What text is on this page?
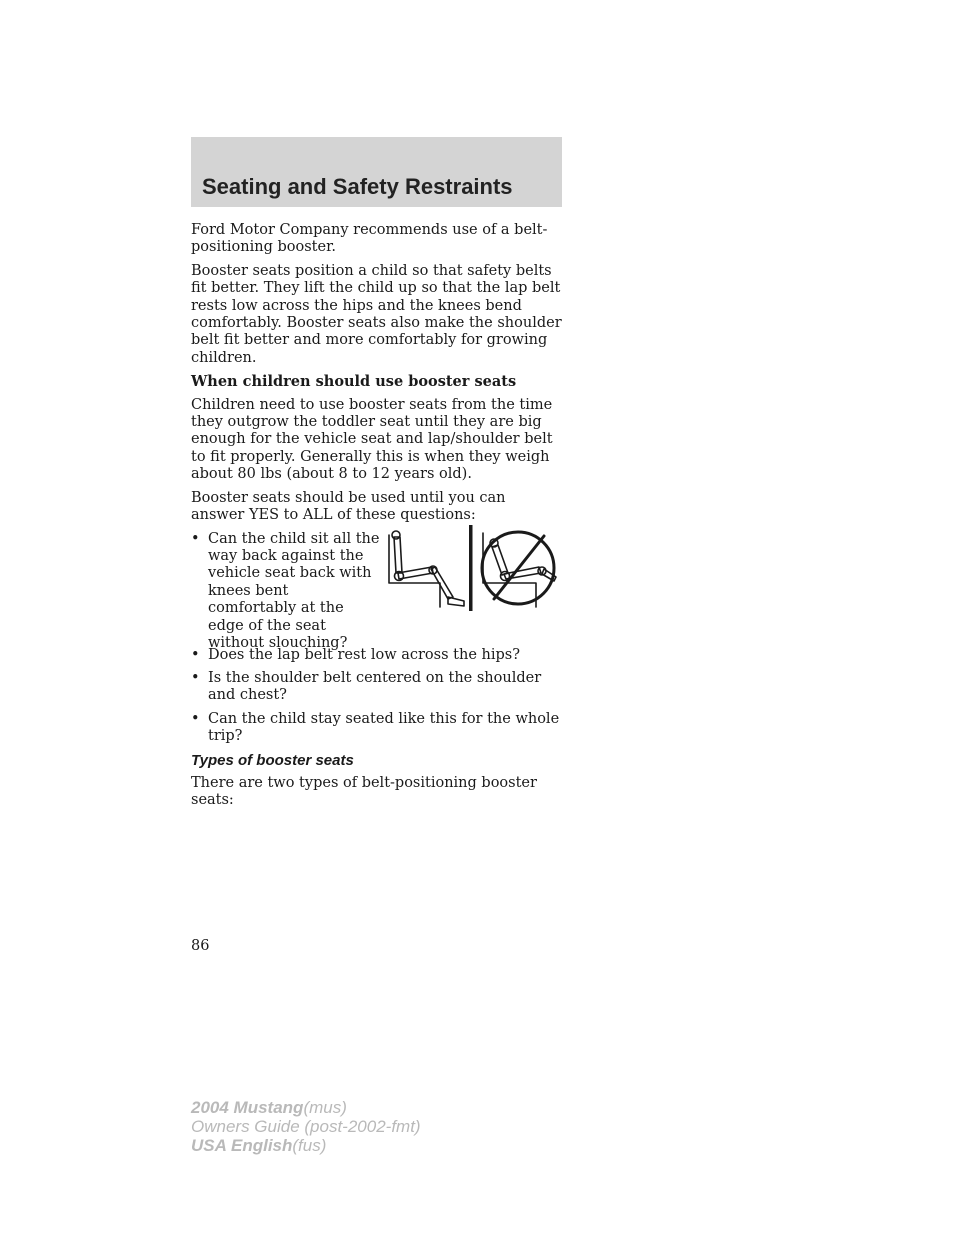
Seating and Safety Restraints

Ford Motor Company recommends use of a belt-positioning booster.

Booster seats position a child so that safety belts fit better. They lift the child up so that the lap belt rests low across the hips and the knees bend comfortably. Booster seats also make the shoulder belt fit better and more comfortably for growing children.

When children should use booster seats

Children need to use booster seats from the time they outgrow the toddler seat until they are big enough for the vehicle seat and lap/shoulder belt to fit properly. Generally this is when they weigh about 80 lbs (about 8 to 12 years old).

Booster seats should be used until you can answer YES to ALL of these questions:

• Can the child sit all the way back against the vehicle seat back with knees bent comfortably at the edge of the seat without slouching?
• Does the lap belt rest low across the hips?
• Is the shoulder belt centered on the shoulder and chest?
• Can the child stay seated like this for the whole trip?

Types of booster seats

There are two types of belt-positioning booster seats:

86
2004 Mustang(mus)
Owners Guide (post-2002-fmt)
USA English(fus)
